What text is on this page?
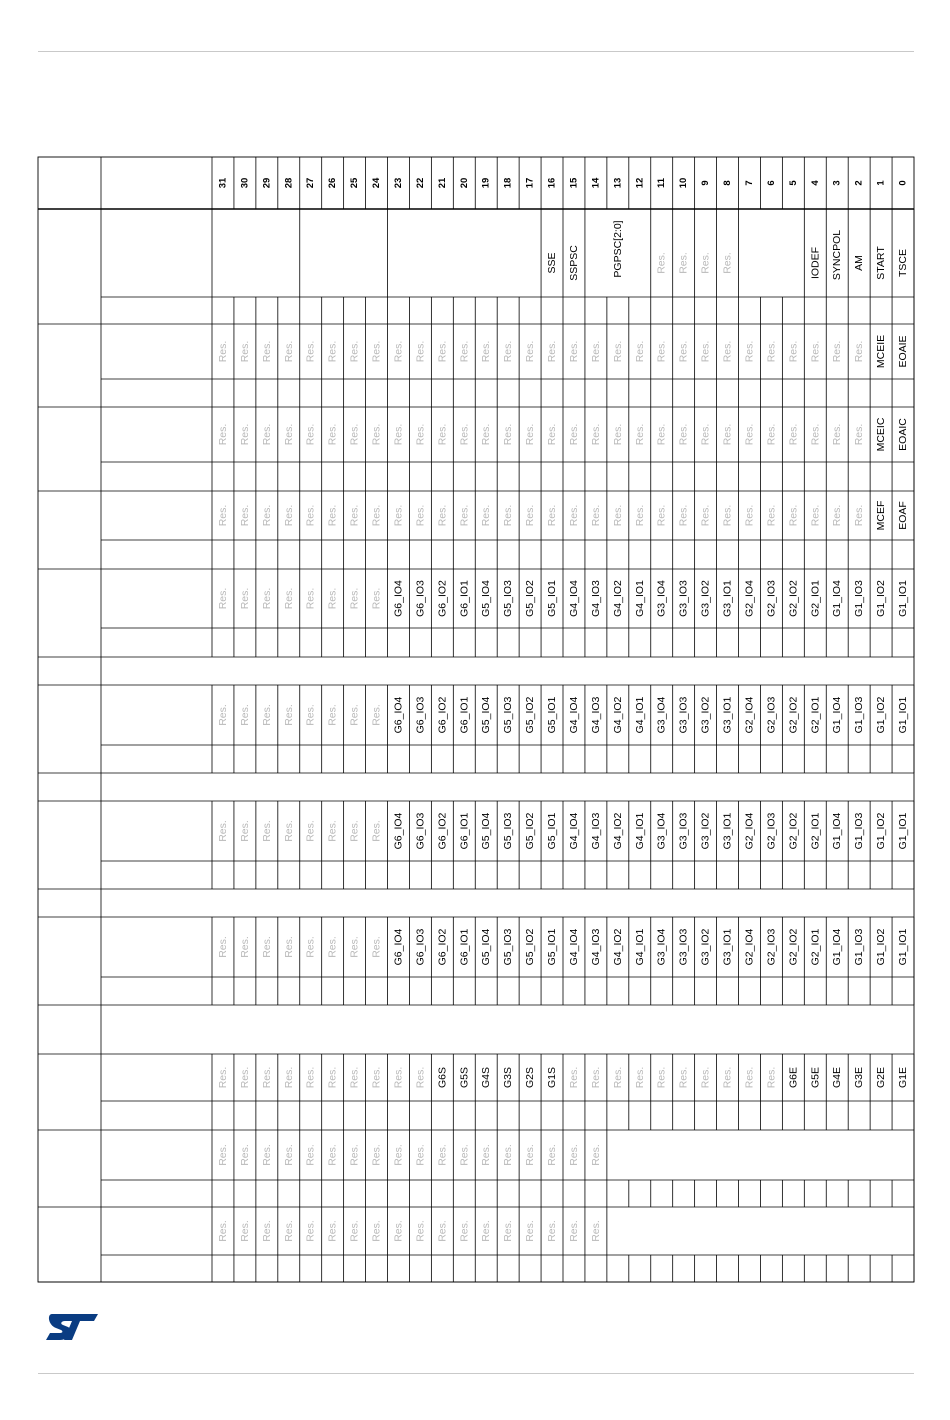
31 30 29 28 27 26 25 24 23 22 21 20 19 18 17 16 15 14 13 12 11 10 9 8 7 6 5 4 3 2 1 0
SSE SSPSC	PGPSC[2:0]	Res. Res. Res. Res.	IODEF SYNCPOL AM START TSCE
Res. Res. Res. Res. Res. Res. Res. Res. Res. Res. Res. Res. Res. Res. Res. Res. Res. Res. Res. Res. Res. Res. Res. Res. Res. Res. Res. Res. Res. Res. MCEIE EOAIE
Res. Res. Res. Res. Res. Res. Res. Res. Res. Res. Res. Res. Res. Res. Res. Res. Res. Res. Res. Res. Res. Res. Res. Res. Res. Res. Res. Res. Res. Res. MCEIC EOAIC
Res. Res. Res. Res. Res. Res. Res. Res. Res. Res. Res. Res. Res. Res. Res. Res. Res. Res. Res. Res. Res. Res. Res. Res. Res. Res. Res. Res. Res. Res. MCEF EOAF
Res. Res. Res. Res. Res. Res. Res. Res. G6_IO4 G6_IO3 G6_IO2 G6_IO1 G5_IO4 G5_IO3 G5_IO2 G5_IO1 G4_IO4 G4_IO3 G4_IO2 G4_IO1 G3_IO4 G3_IO3 G3_IO2 G3_IO1 G2_IO4 G2_IO3 G2_IO2 G2_IO1 G1_IO4 G1_IO3 G1_IO2 G1_IO1
Res. Res. Res. Res. Res. Res. Res. Res. G6_IO4 G6_IO3 G6_IO2 G6_IO1 G5_IO4 G5_IO3 G5_IO2 G5_IO1 G4_IO4 G4_IO3 G4_IO2 G4_IO1 G3_IO4 G3_IO3 G3_IO2 G3_IO1 G2_IO4 G2_IO3 G2_IO2 G2_IO1 G1_IO4 G1_IO3 G1_IO2 G1_IO1
Res. Res. Res. Res. Res. Res. Res. Res. G6_IO4 G6_IO3 G6_IO2 G6_IO1 G5_IO4 G5_IO3 G5_IO2 G5_IO1 G4_IO4 G4_IO3 G4_IO2 G4_IO1 G3_IO4 G3_IO3 G3_IO2 G3_IO1 G2_IO4 G2_IO3 G2_IO2 G2_IO1 G1_IO4 G1_IO3 G1_IO2 G1_IO1
Res. Res. Res. Res. Res. Res. Res. Res. G6_IO4 G6_IO3 G6_IO2 G6_IO1 G5_IO4 G5_IO3 G5_IO2 G5_IO1 G4_IO4 G4_IO3 G4_IO2 G4_IO1 G3_IO4 G3_IO3 G3_IO2 G3_IO1 G2_IO4 G2_IO3 G2_IO2 G2_IO1 G1_IO4 G1_IO3 G1_IO2 G1_IO1
Res. Res. Res. Res. Res. Res. Res. Res. Res. Res. G6S G5S G4S G3S G2S G1S Res. Res. Res. Res. Res. Res. Res. Res. Res. Res. G6E G5E G4E G3E G2E G1E
Res. Res. Res. Res. Res. Res. Res. Res. Res. Res. Res. Res. Res. Res. Res. Res. Res. Res.
Res. Res. Res. Res. Res. Res. Res. Res. Res. Res. Res. Res. Res. Res. Res. Res. Res. Res.
